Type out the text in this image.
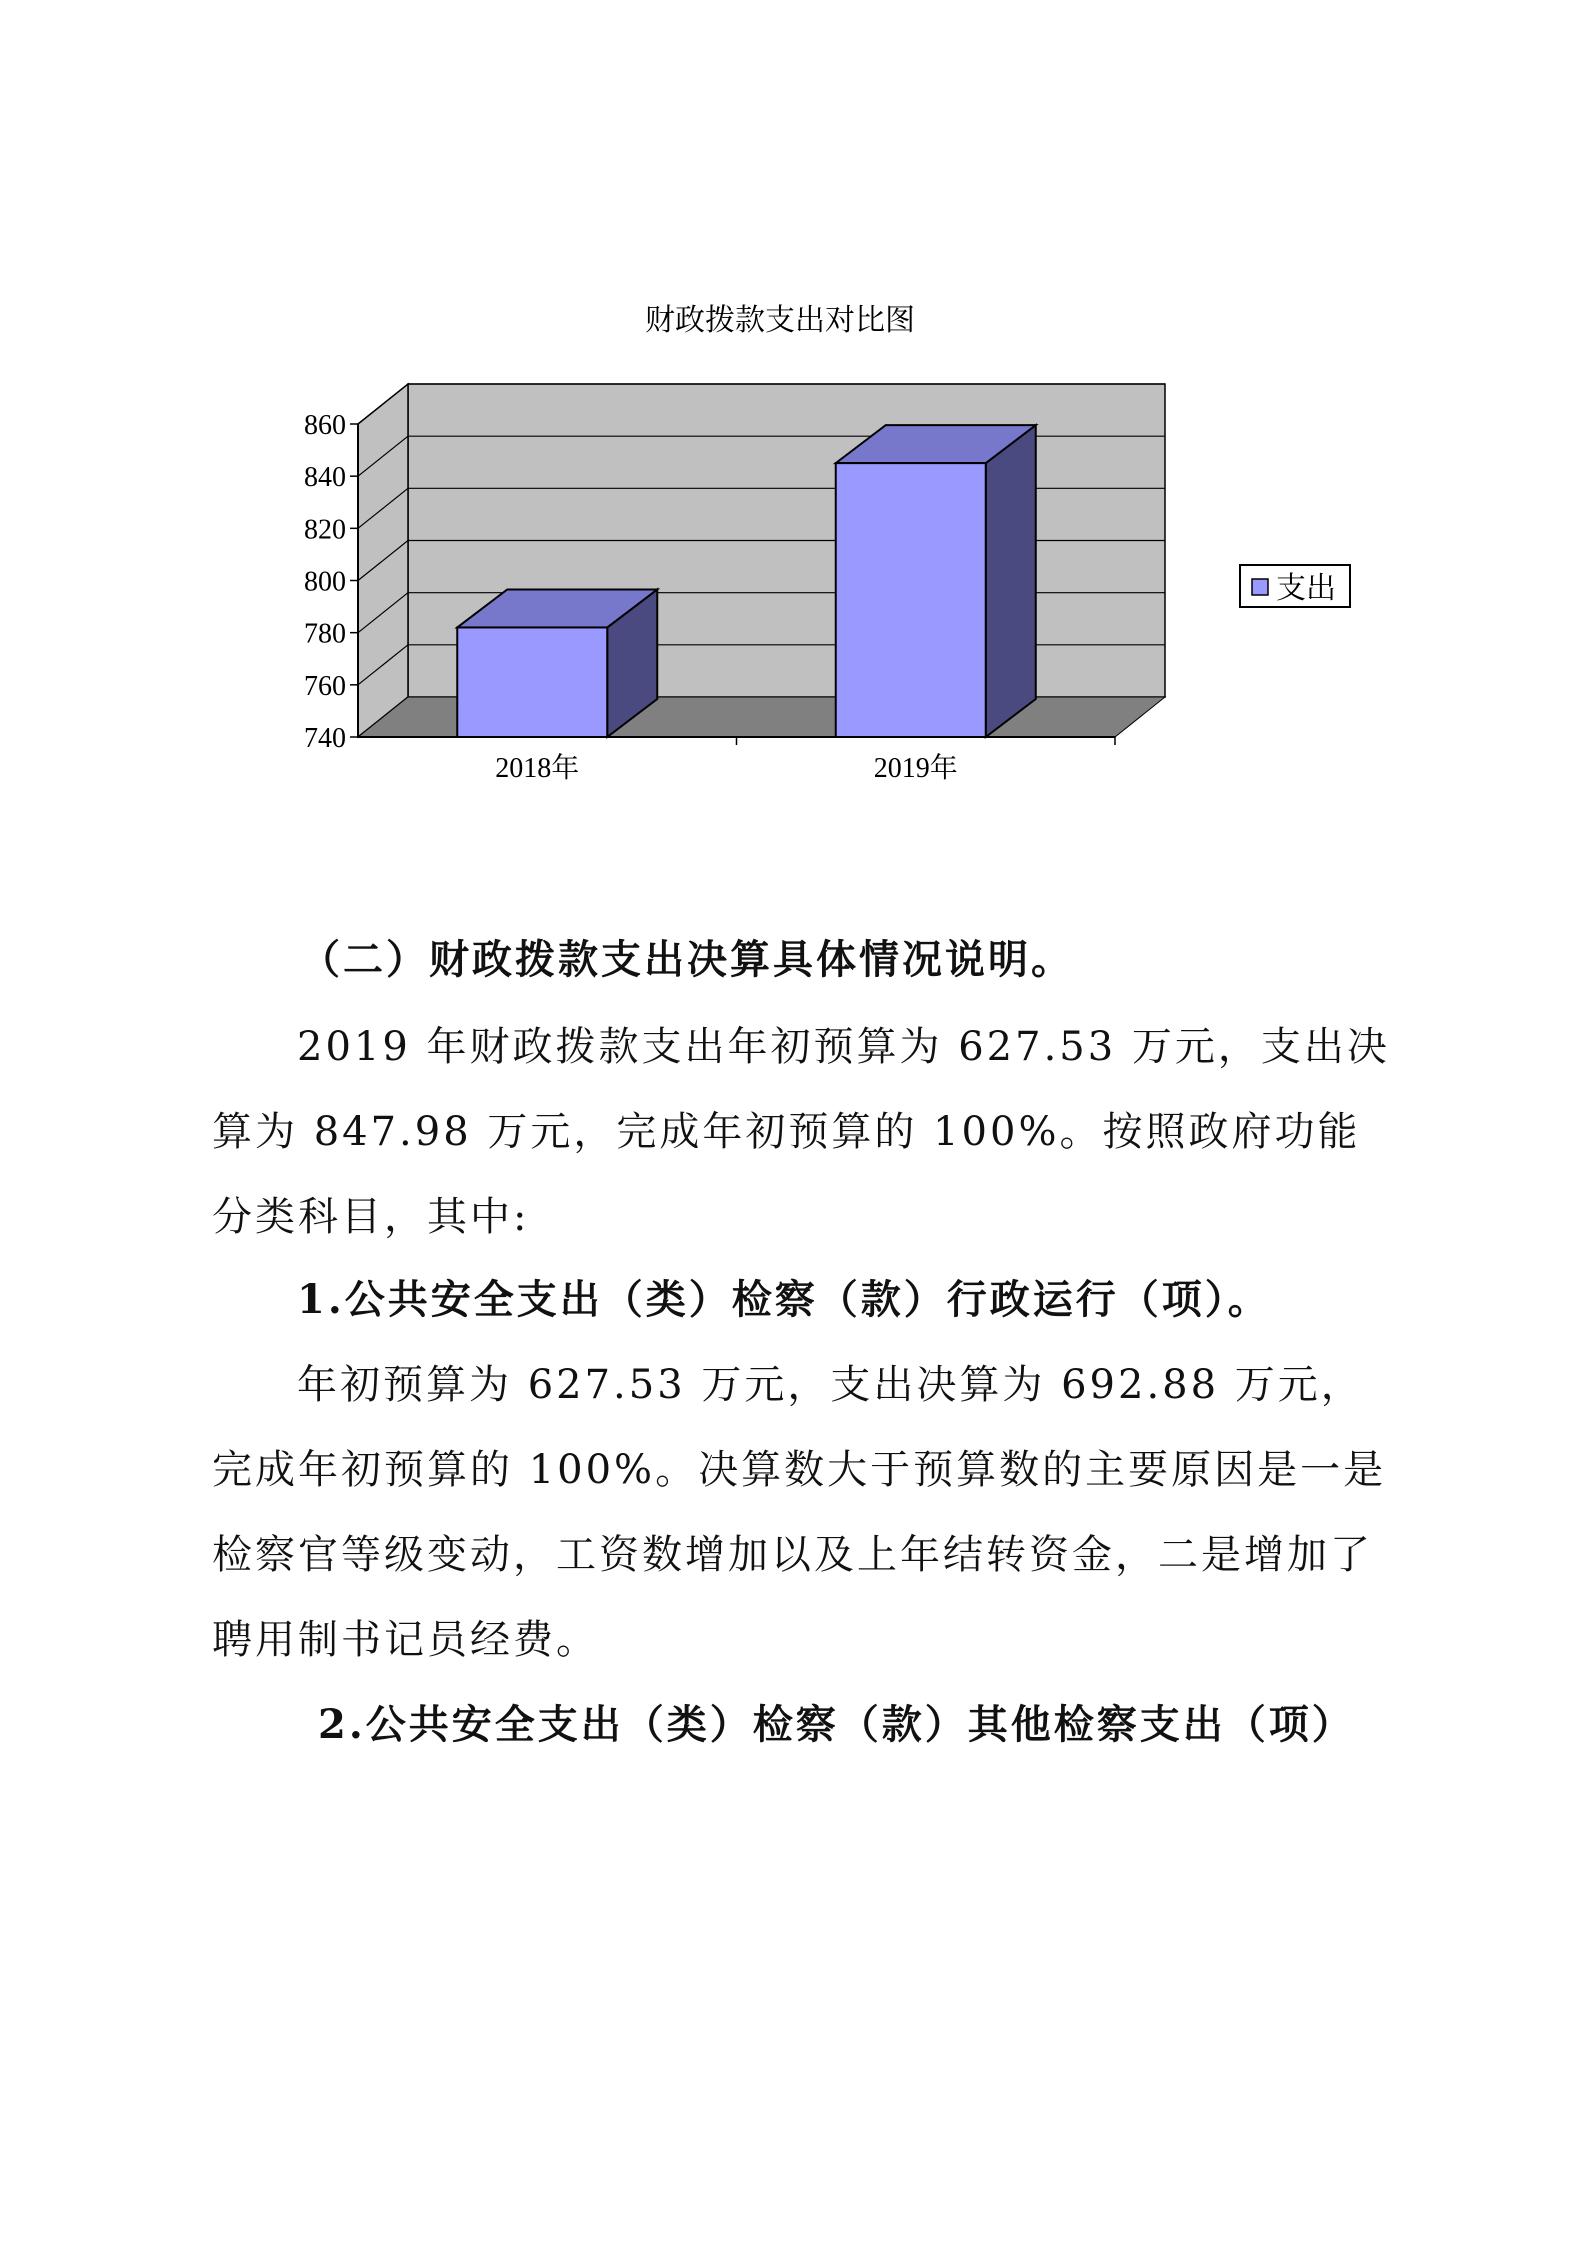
财政拨款支出对比图
740
760
780
800
820
840
860
2018年	2019年
支出

（二）财政拨款支出决算具体情况说明。

2019 年财政拨款支出年初预算为 627.53 万元，支出决算为 847.98 万元，完成年初预算的 100%。按照政府功能分类科目，其中:

1.公共安全支出（类）检察（款）行政运行（项）。

年初预算为 627.53 万元，支出决算为 692.88 万元，完成年初预算的 100%。决算数大于预算数的主要原因是一是检察官等级变动，工资数增加以及上年结转资金，二是增加了聘用制书记员经费。

2.公共安全支出（类）检察（款）其他检察支出（项）
